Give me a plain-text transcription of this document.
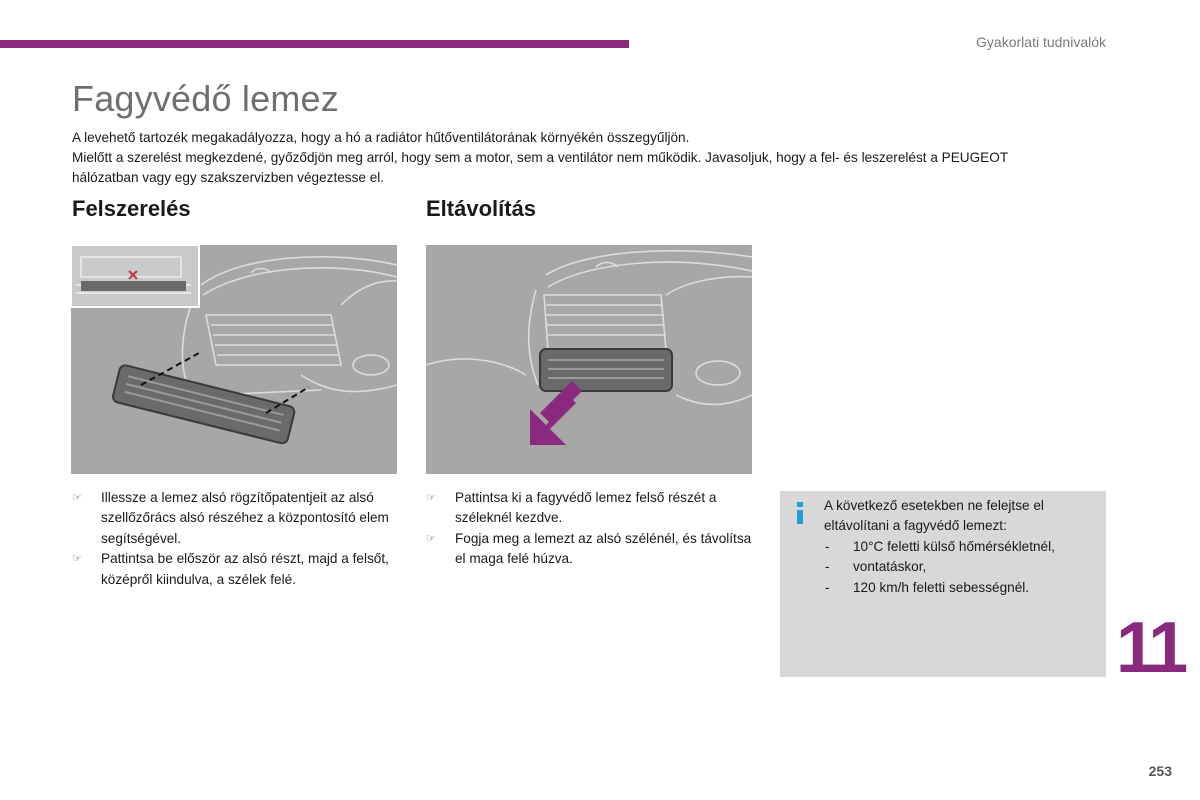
Gyakorlati tudnivalók
Fagyvédő lemez

A levehető tartozék megakadályozza, hogy a hó a radiátor hűtőventilátorának környékén összegyűljön.

Mielőtt a szerelést megkezdené, győződjön meg arról, hogy sem a motor, sem a ventilátor nem működik. Javasoljuk, hogy a fel- és leszerelést a PEUGEOT hálózatban vagy egy szakszervizben végeztesse el.

Felszerelés	Eltávolítás
☞ Illessze a lemez alsó rögzítőpatentjeit az alsó szellőzőrács alsó részéhez a központosító elem segítségével.
☞ Pattintsa be először az alsó részt, majd a felsőt, középről kiindulva, a szélek felé.
☞ Pattintsa ki a fagyvédő lemez felső részét a széleknél kezdve.
☞ Fogja meg a lemezt az alsó szélénél, és távolítsa el maga felé húzva.
A következő esetekben ne felejtse el eltávolítani a fagyvédő lemezt:
- 10°C feletti külső hőmérsékletnél,
- vontatáskor,
- 120 km/h feletti sebességnél.
11
253
